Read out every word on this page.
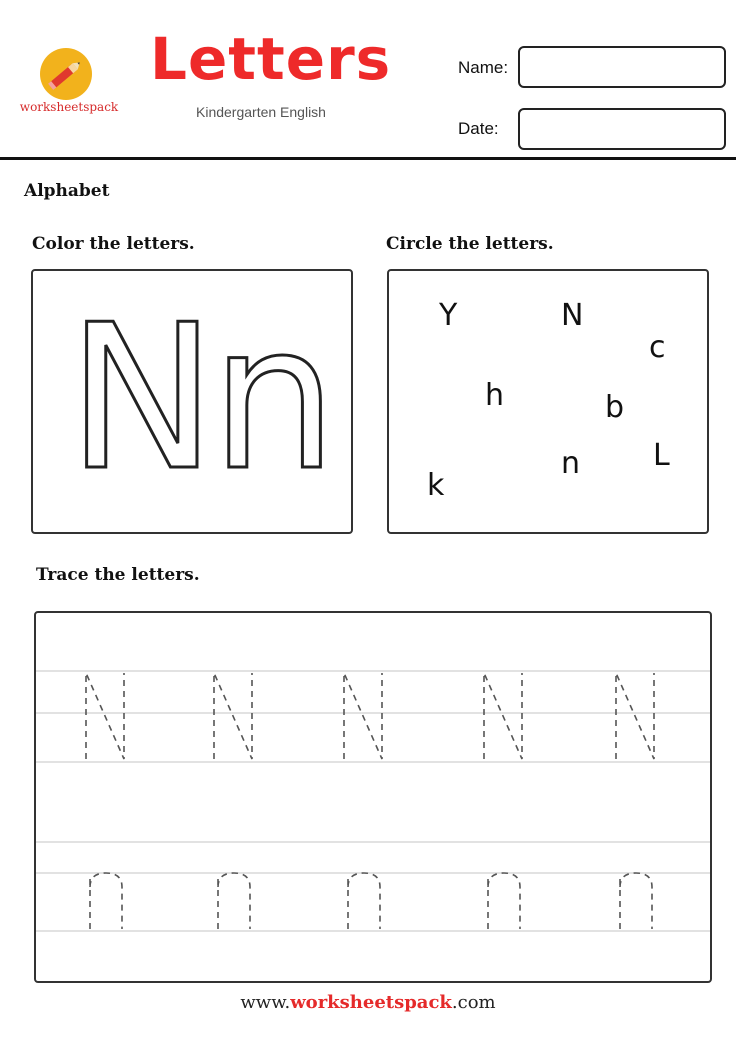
worksheetspack
Letters
Kindergarten English
Name:
Date:
Alphabet
Color the letters.
Nn
Circle the letters.
Y	N
c
h	b
L
n
k
Trace the letters.
www.worksheetspack.com
